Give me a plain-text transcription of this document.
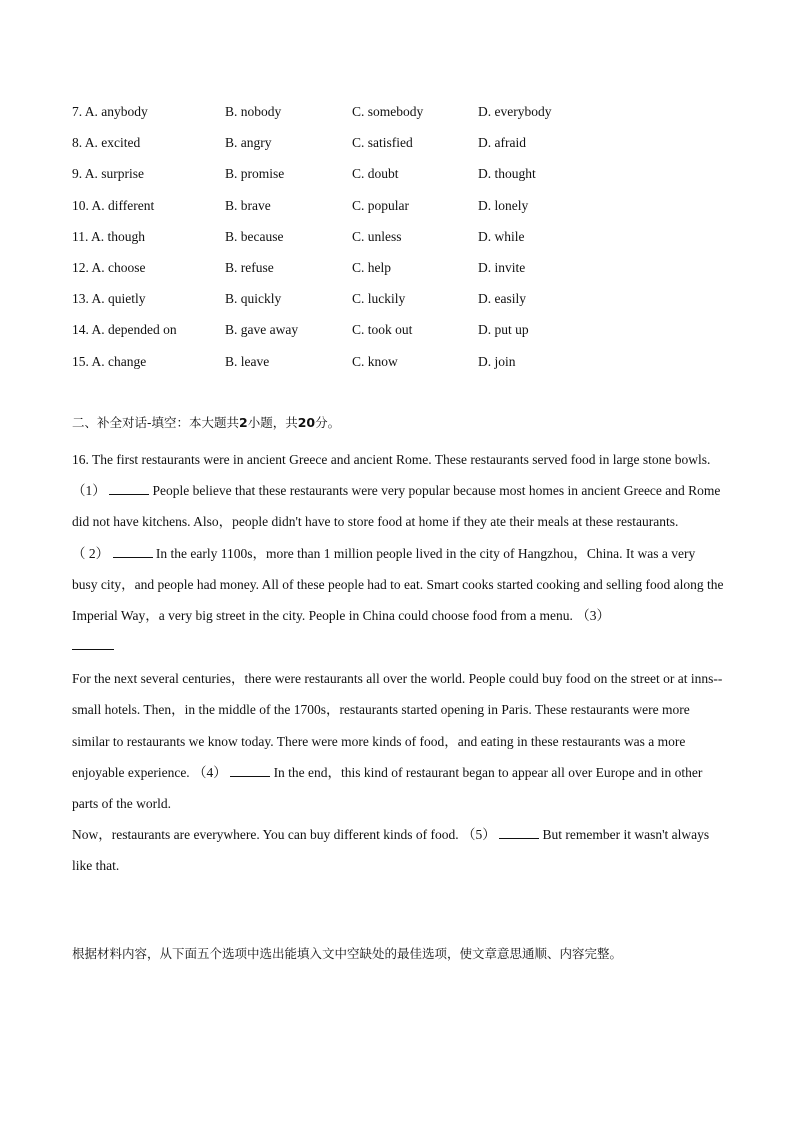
7. A. anybody	B. nobody	C. somebody	D. everybody
8. A. excited	B. angry	C. satisfied	D. afraid
9. A. surprise	B. promise	C. doubt	D. thought
10. A. different	B. brave	C. popular	D. lonely
11. A. though	B. because	C. unless	D. while
12. A. choose	B. refuse	C. help	D. invite
13. A. quietly	B. quickly	C. luckily	D. easily
14. A. depended on	B. gave away	C. took out	D. put up
15. A. change	B. leave	C. know	D. join
二、补全对话-填空：本大题共2小题，共20分。

16. The first restaurants were in ancient Greece and ancient Rome. These restaurants served food in large stone bowls. （1）	People believe that these restaurants were very popular because most homes in ancient Greece and Rome did not have kitchens. Also，people didn't have to store food at home if they ate their meals at these restaurants.

（ 2）	In the early 1100s，more than 1 million people lived in the city of Hangzhou，China. It was a very busy city，and people had money. All of these people had to eat. Smart cooks started cooking and selling food along the Imperial Way，a very big street in the city. People in China could choose food from a menu. （3）

For the next several centuries，there were restaurants all over the world. People could buy food on the street or at inns--small hotels. Then，in the middle of the 1700s，restaurants started opening in Paris. These restaurants were more similar to restaurants we know today. There were more kinds of food，and eating in these restaurants was a more enjoyable experience. （4）	In the end，this kind of restaurant began to appear all over Europe and in other parts of the world.

Now，restaurants are everywhere. You can buy different kinds of food. （5）	But remember it wasn't always like that.

根据材料内容，从下面五个选项中选出能填入文中空缺处的最佳选项，使文章意思通顺、内容完整。
